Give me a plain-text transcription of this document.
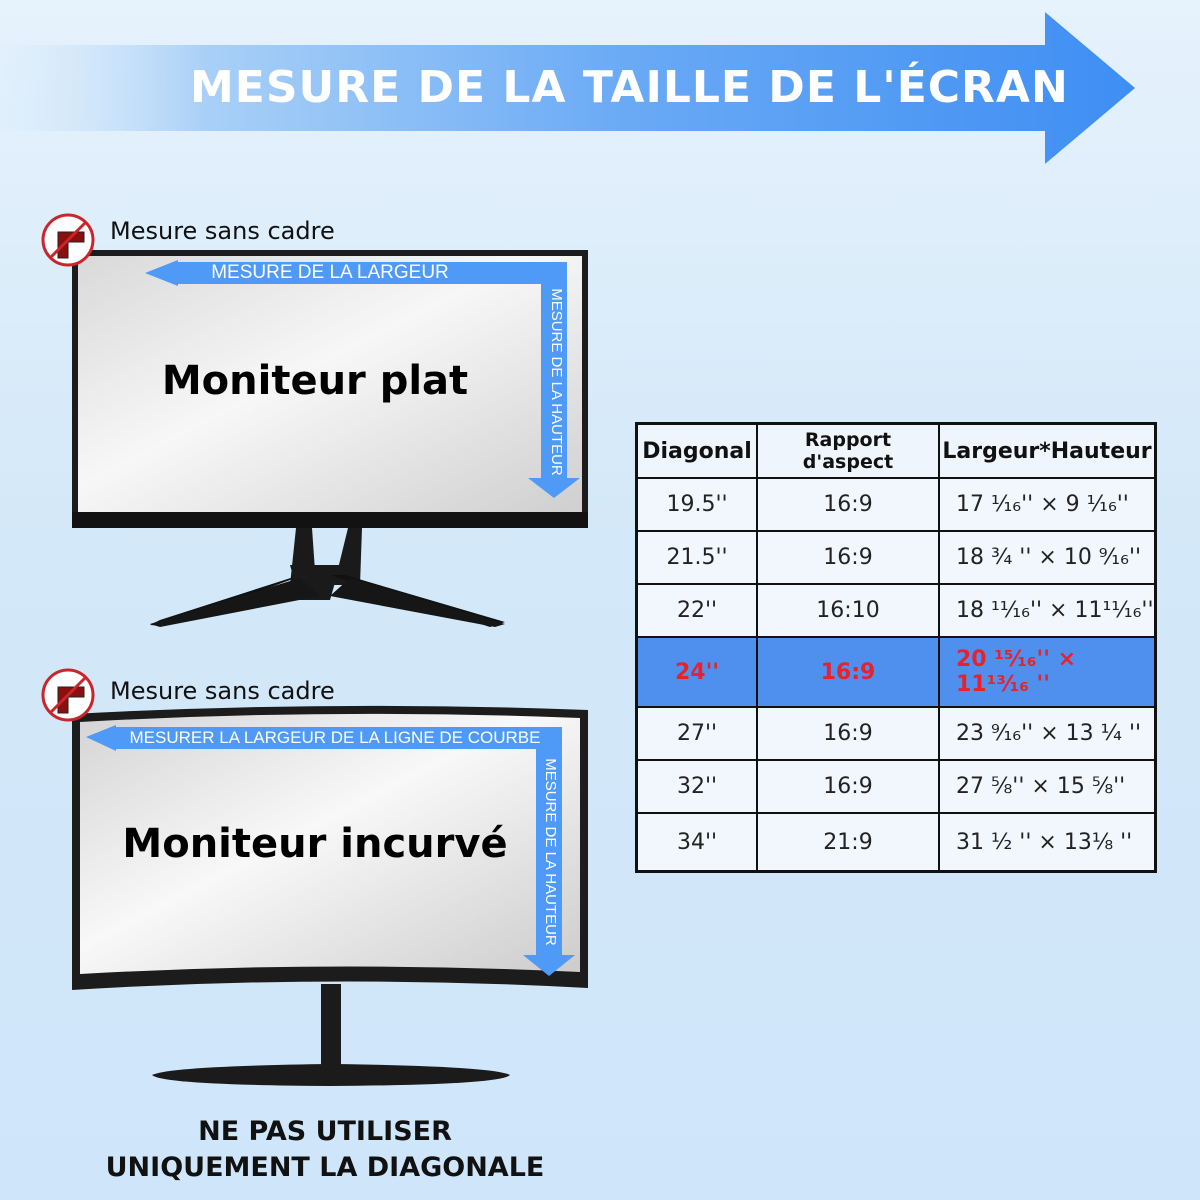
MESURE DE LA TAILLE DE L'ÉCRAN
Mesure sans cadre
MESURE DE LA LARGEUR
MESURE DE LA HAUTEUR
Moniteur plat
Mesure sans cadre
MESURER LA LARGEUR DE LA LIGNE DE COURBE
MESURE DE LA HAUTEUR
Moniteur incurvé
Diagonal	Rapport d'aspect	Largeur*Hauteur
19.5''	16:9	17 ¹⁄₁₆'' × 9 ¹⁄₁₆''
21.5''	16:9	18 ¾ '' × 10 ⁹⁄₁₆''
22''	16:10	18 ¹¹⁄₁₆'' × 11¹¹⁄₁₆''
24''	16:9	20 ¹⁵⁄₁₆'' × 11¹³⁄₁₆ ''
27''	16:9	23 ⁹⁄₁₆'' × 13 ¼ ''
32''	16:9	27 ⅝'' × 15 ⅝''
34''	21:9	31 ½ '' × 13⅛ ''
NE PAS UTILISER
UNIQUEMENT LA DIAGONALE
